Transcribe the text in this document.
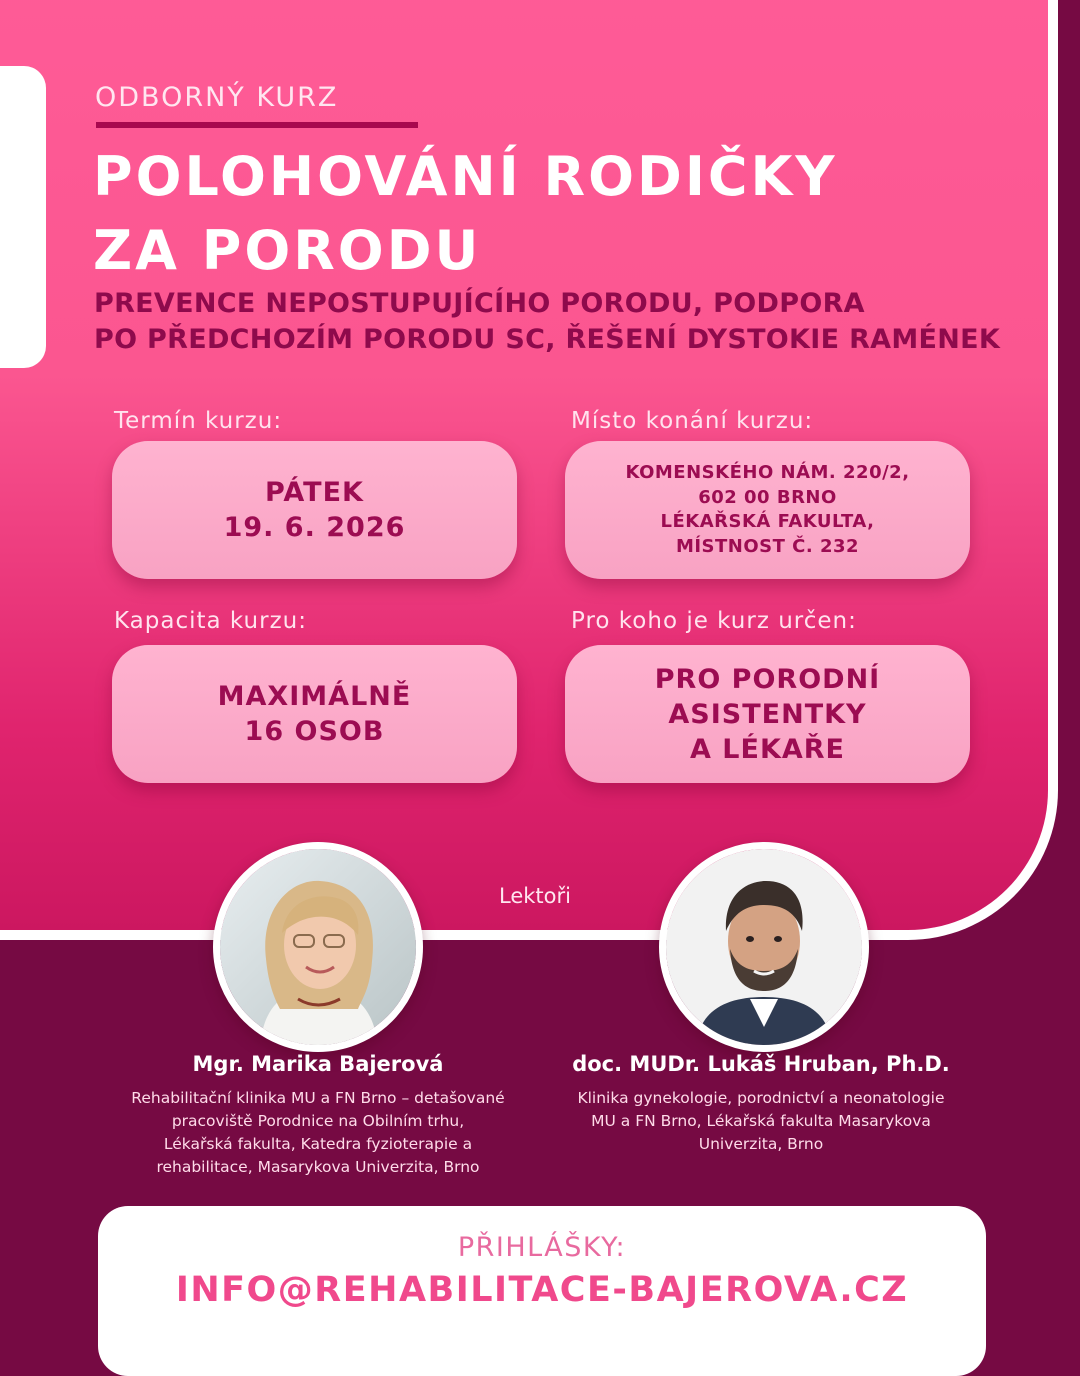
ODBORNÝ KURZ
POLOHOVÁNÍ RODIČKY
ZA PORODU

PREVENCE NEPOSTUPUJÍCÍHO PORODU, PODPORA
PO PŘEDCHOZÍM PORODU SC, ŘEŠENÍ DYSTOKIE RAMÉNEK

Termín kurzu:
PÁTEK
19. 6. 2026
Místo konání kurzu:
KOMENSKÉHO NÁM. 220/2,
602 00 BRNO
LÉKAŘSKÁ FAKULTA,
MÍSTNOST Č. 232
Kapacita kurzu:
MAXIMÁLNĚ
16 OSOB
Pro koho je kurz určen:
PRO PORODNÍ
ASISTENTKY
A LÉKAŘE
Lektoři
Mgr. Marika Bajerová
Rehabilitační klinika MU a FN Brno – detašované
pracoviště Porodnice na Obilním trhu,
Lékařská fakulta, Katedra fyzioterapie a
rehabilitace, Masarykova Univerzita, Brno
doc. MUDr. Lukáš Hruban, Ph.D.
Klinika gynekologie, porodnictví a neonatologie
MU a FN Brno, Lékařská fakulta Masarykova
Univerzita, Brno
PŘIHLÁŠKY:
INFO@REHABILITACE-BAJEROVA.CZ
